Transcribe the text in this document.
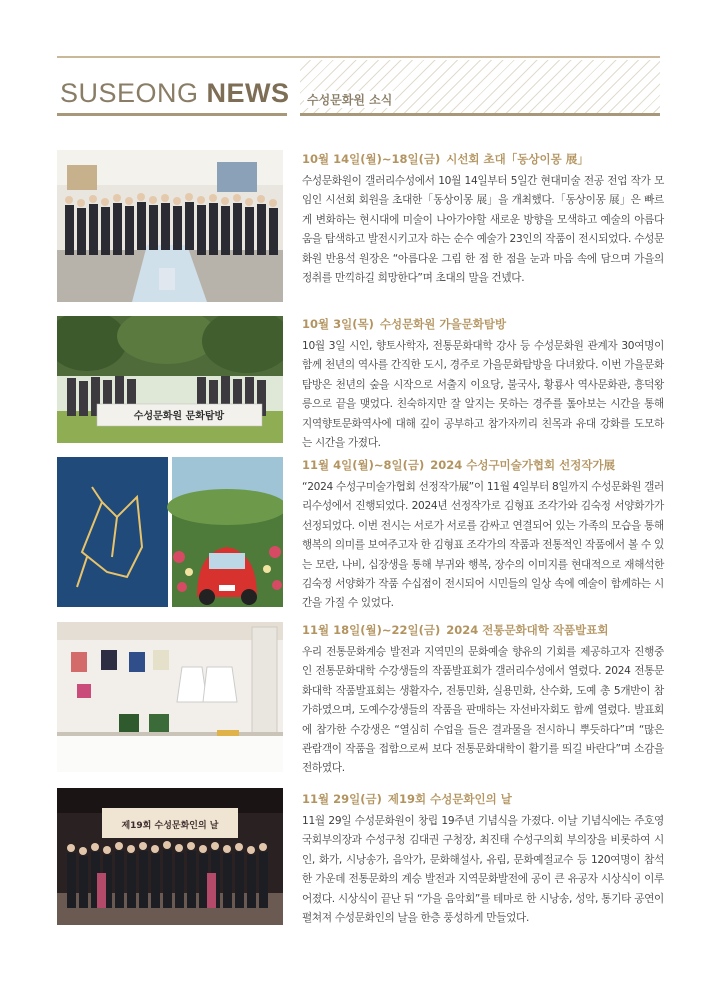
SUSEONG NEWS 수성문화원 소식
10월 14일(월)~18일(금) 시선회 초대「동상이몽 展」
수성문화원이 갤러리수성에서 10월 14일부터 5일간 현대미술 전공 전업 작가 모임인 시선회 회원을 초대한「동상이몽 展」을 개최했다.「동상이몽 展」은 빠르게 변화하는 현시대에 미술이 나아가야할 새로운 방향을 모색하고 예술의 아름다움을 탐색하고 발전시키고자 하는 순수 예술가 23인의 작품이 전시되었다. 수성문화원 반용석 원장은 “아름다운 그림 한 점 한 점을 눈과 마음 속에 담으며 가을의 정취를 만끽하길 희망한다”며 초대의 말을 건넸다.
수성문화원 문화탐방
10월 3일(목) 수성문화원 가을문화탐방
10월 3일 시인, 향토사학자, 전통문화대학 강사 등 수성문화원 관계자 30여명이 함께 천년의 역사를 간직한 도시, 경주로 가을문화탐방을 다녀왔다. 이번 가을문화탐방은 천년의 숲을 시작으로 서출지 이요당, 불국사, 황룡사 역사문화관, 흥덕왕릉으로 끝을 맺었다. 친숙하지만 잘 알지는 못하는 경주를 톺아보는 시간을 통해 지역향토문화역사에 대해 깊이 공부하고 참가자끼리 친목과 유대 강화를 도모하는 시간을 가졌다.
11월 4일(월)~8일(금) 2024 수성구미술가협회 선정작가展
“2024 수성구미술가협회 선정작가展”이 11월 4일부터 8일까지 수성문화원 갤러리수성에서 진행되었다. 2024년 선정작가로 김형표 조각가와 김숙정 서양화가가 선정되었다. 이번 전시는 서로가 서로를 감싸고 연결되어 있는 가족의 모습을 통해 행복의 의미를 보여주고자 한 김형표 조각가의 작품과 전통적인 작품에서 볼 수 있는 모란, 나비, 십장생을 통해 부귀와 행복, 장수의 이미지를 현대적으로 재해석한 김숙정 서양화가 작품 수십점이 전시되어 시민들의 일상 속에 예술이 함께하는 시간을 가질 수 있었다.
11월 18일(월)~22일(금) 2024 전통문화대학 작품발표회
우리 전통문화계승 발전과 지역민의 문화예술 향유의 기회를 제공하고자 진행중인 전통문화대학 수강생들의 작품발표회가 갤러리수성에서 열렸다. 2024 전통문화대학 작품발표회는 생활자수, 전통민화, 실용민화, 산수화, 도예 총 5개반이 참가하였으며, 도예수강생들의 작품을 판매하는 자선바자회도 함께 열렸다. 발표회에 참가한 수강생은 “열심히 수업을 들은 결과물을 전시하니 뿌듯하다”며 “많은 관람객이 작품을 접함으로써 보다 전통문화대학이 활기를 띄길 바란다”며 소감을 전하였다.
제19회 수성문화인의 날
11월 29일(금) 제19회 수성문화인의 날
11월 29일 수성문화원이 창립 19주년 기념식을 가졌다. 이날 기념식에는 주호영 국회부의장과 수성구청 김대권 구청장, 최진태 수성구의회 부의장을 비롯하여 시인, 화가, 시낭송가, 음악가, 문화해설사, 유림, 문화예절교수 등 120여명이 참석한 가운데 전통문화의 계승 발전과 지역문화발전에 공이 큰 유공자 시상식이 이루어졌다. 시상식이 끝난 뒤 “가을 음악회”를 테마로 한 시낭송, 성악, 통기타 공연이 펼쳐져 수성문화인의 날을 한층 풍성하게 만들었다.
